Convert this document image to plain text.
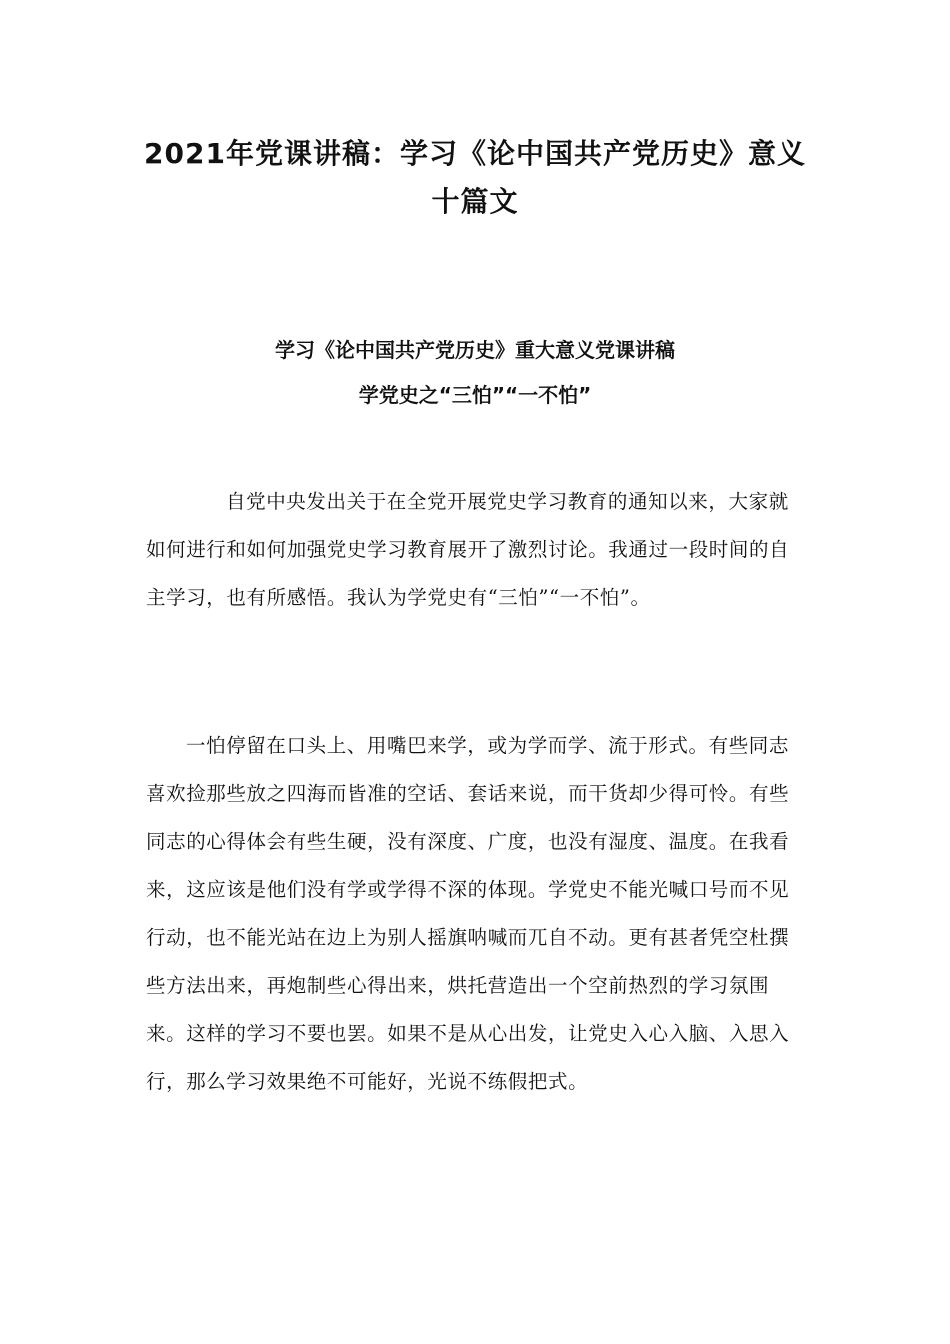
2021年党课讲稿：学习《论中国共产党历史》意义
十篇文
学习《论中国共产党历史》重大意义党课讲稿
学党史之“三怕”“一不怕”

自党中央发出关于在全党开展党史学习教育的通知以来，大家就如何进行和如何加强党史学习教育展开了激烈讨论。我通过一段时间的自主学习，也有所感悟。我认为学党史有“三怕”“一不怕”。

一怕停留在口头上、用嘴巴来学，或为学而学、流于形式。有些同志喜欢捡那些放之四海而皆准的空话、套话来说，而干货却少得可怜。有些同志的心得体会有些生硬，没有深度、广度，也没有湿度、温度。在我看来，这应该是他们没有学或学得不深的体现。学党史不能光喊口号而不见行动，也不能光站在边上为别人摇旗呐喊而兀自不动。更有甚者凭空杜撰些方法出来，再炮制些心得出来，烘托营造出一个空前热烈的学习氛围来。这样的学习不要也罢。如果不是从心出发，让党史入心入脑、入思入行，那么学习效果绝不可能好，光说不练假把式。
